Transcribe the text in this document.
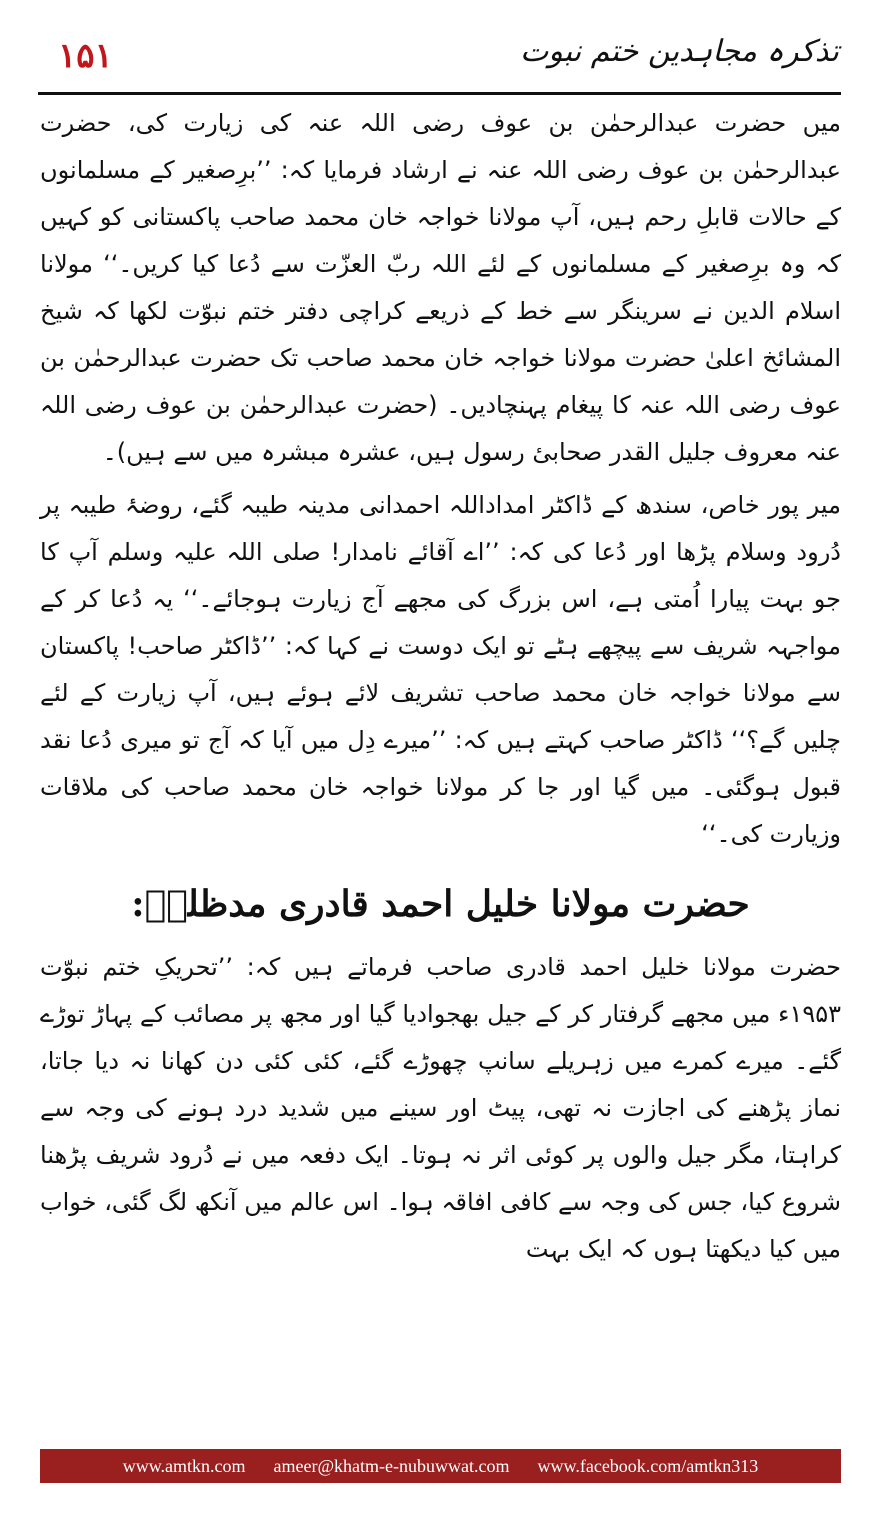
۱۵۱	تذکرہ مجاہدین ختم نبوت

میں حضرت عبدالرحمٰن بن عوف رضی اللہ عنہ کی زیارت کی، حضرت عبدالرحمٰن بن عوف رضی اللہ عنہ نے ارشاد فرمایا کہ: ’’برِصغیر کے مسلمانوں کے حالات قابلِ رحم ہیں، آپ مولانا خواجہ خان محمد صاحب پاکستانی کو کہیں کہ وہ برِصغیر کے مسلمانوں کے لئے اللہ ربّ العزّت سے دُعا کیا کریں۔‘‘ مولانا اسلام الدین نے سرینگر سے خط کے ذریعے کراچی دفتر ختم نبوّت لکھا کہ شیخ المشائخ اعلیٰ حضرت مولانا خواجہ خان محمد صاحب تک حضرت عبدالرحمٰن بن عوف رضی اللہ عنہ کا پیغام پہنچادیں۔ (حضرت عبدالرحمٰن بن عوف رضی اللہ عنہ معروف جلیل القدر صحابیٔ رسول ہیں، عشرہ مبشرہ میں سے ہیں)۔

میر پور خاص، سندھ کے ڈاکٹر امداداللہ احمدانی مدینہ طیبہ گئے، روضۂ طیبہ پر دُرود وسلام پڑھا اور دُعا کی کہ: ’’اے آقائے نامدار! صلی اللہ علیہ وسلم آپ کا جو بہت پیارا اُمتی ہے، اس بزرگ کی مجھے آج زیارت ہوجائے۔‘‘ یہ دُعا کر کے مواجہہ شریف سے پیچھے ہٹے تو ایک دوست نے کہا کہ: ’’ڈاکٹر صاحب! پاکستان سے مولانا خواجہ خان محمد صاحب تشریف لائے ہوئے ہیں، آپ زیارت کے لئے چلیں گے؟‘‘ ڈاکٹر صاحب کہتے ہیں کہ: ’’میرے دِل میں آیا کہ آج تو میری دُعا نقد قبول ہوگئی۔ میں گیا اور جا کر مولانا خواجہ خان محمد صاحب کی ملاقات وزیارت کی۔‘‘

حضرت مولانا خلیل احمد قادری مدظلہٗ:

حضرت مولانا خلیل احمد قادری صاحب فرماتے ہیں کہ: ’’تحریکِ ختم نبوّت ۱۹۵۳ء میں مجھے گرفتار کر کے جیل بھجوادیا گیا اور مجھ پر مصائب کے پہاڑ توڑے گئے۔ میرے کمرے میں زہریلے سانپ چھوڑے گئے، کئی کئی دن کھانا نہ دیا جاتا، نماز پڑھنے کی اجازت نہ تھی، پیٹ اور سینے میں شدید درد ہونے کی وجہ سے کراہتا، مگر جیل والوں پر کوئی اثر نہ ہوتا۔ ایک دفعہ میں نے دُرود شریف پڑھنا شروع کیا، جس کی وجہ سے کافی افاقہ ہوا۔ اس عالم میں آنکھ لگ گئی، خواب میں کیا دیکھتا ہوں کہ ایک بہت

www.amtkn.com ameer@khatm-e-nubuwwat.com www.facebook.com/amtkn313
